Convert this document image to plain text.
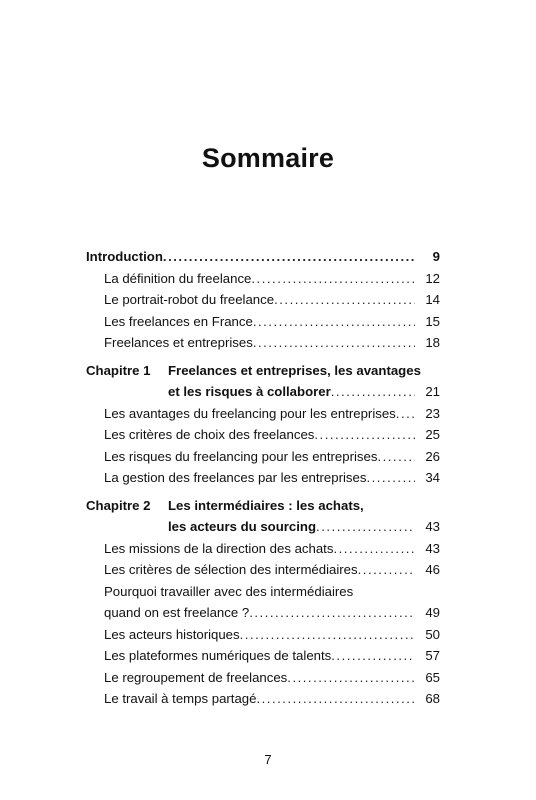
Sommaire
Introduction .....	9
La définition du freelance .....	12
Le portrait-robot du freelance .....	14
Les freelances en France .....	15
Freelances et entreprises .....	18
Chapitre 1	Freelances et entreprises, les avantages
et les risques à collaborer .....	21
Les avantages du freelancing pour les entreprises .....	23
Les critères de choix des freelances .....	25
Les risques du freelancing pour les entreprises .....	26
La gestion des freelances par les entreprises .....	34
Chapitre 2	Les intermédiaires : les achats,
les acteurs du sourcing .....	43
Les missions de la direction des achats .....	43
Les critères de sélection des intermédiaires .....	46
Pourquoi travailler avec des intermédiaires
quand on est freelance ? .....	49
Les acteurs historiques .....	50
Les plateformes numériques de talents .....	57
Le regroupement de freelances .....	65
Le travail à temps partagé .....	68
7
